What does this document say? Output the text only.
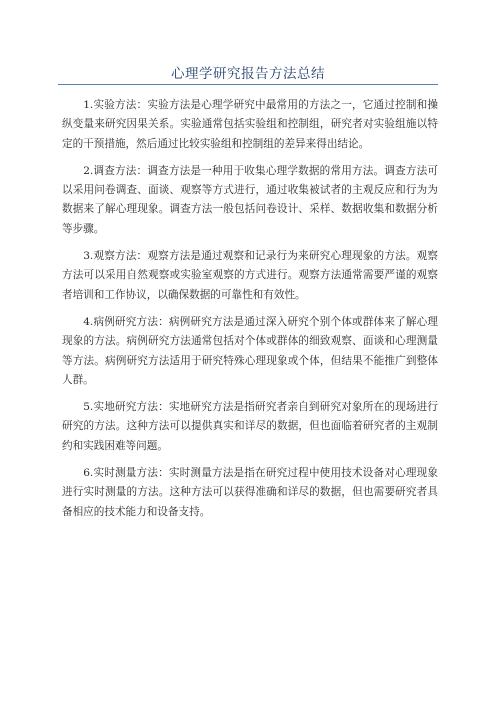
心理学研究报告方法总结

1.实验方法：实验方法是心理学研究中最常用的方法之一，它通过控制和操纵变量来研究因果关系。实验通常包括实验组和控制组，研究者对实验组施以特定的干预措施，然后通过比较实验组和控制组的差异来得出结论。

2.调查方法：调查方法是一种用于收集心理学数据的常用方法。调查方法可以采用问卷调查、面谈、观察等方式进行，通过收集被试者的主观反应和行为为数据来了解心理现象。调查方法一般包括问卷设计、采样、数据收集和数据分析等步骤。

3.观察方法：观察方法是通过观察和记录行为来研究心理现象的方法。观察方法可以采用自然观察或实验室观察的方式进行。观察方法通常需要严谨的观察者培训和工作协议，以确保数据的可靠性和有效性。

4.病例研究方法：病例研究方法是通过深入研究个别个体或群体来了解心理现象的方法。病例研究方法通常包括对个体或群体的细致观察、面谈和心理测量等方法。病例研究方法适用于研究特殊心理现象或个体，但结果不能推广到整体人群。

5.实地研究方法：实地研究方法是指研究者亲自到研究对象所在的现场进行研究的方法。这种方法可以提供真实和详尽的数据，但也面临着研究者的主观制约和实践困难等问题。

6.实时测量方法：实时测量方法是指在研究过程中使用技术设备对心理现象进行实时测量的方法。这种方法可以获得准确和详尽的数据，但也需要研究者具备相应的技术能力和设备支持。
